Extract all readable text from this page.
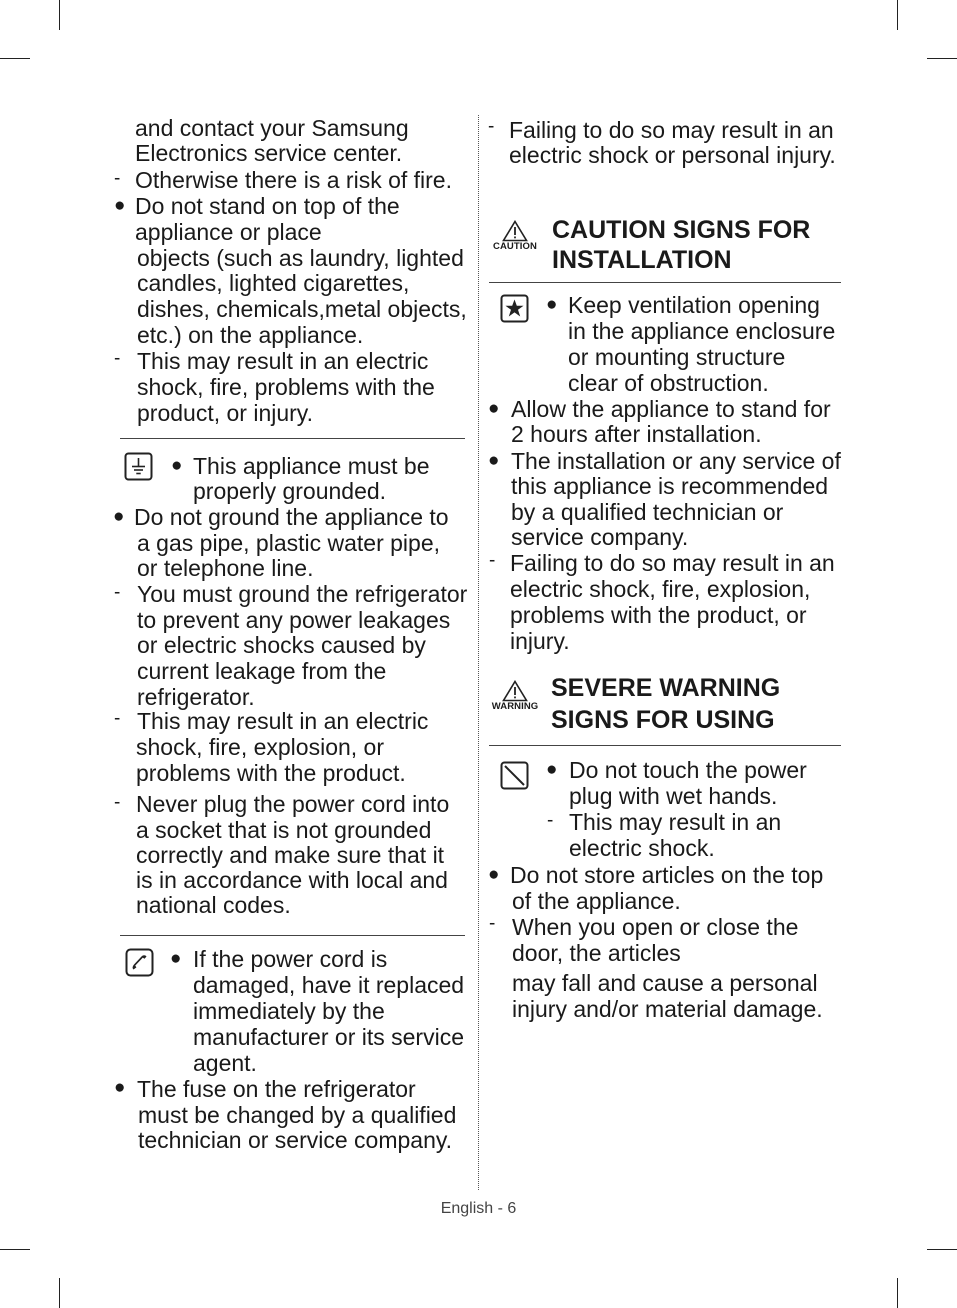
and contact your Samsung

Electronics service center.

- Otherwise there is a risk of fire.

● Do not stand on top of the

appliance or place

objects (such as laundry, lighted

candles, lighted cigarettes,

dishes, chemicals,metal objects,

etc.) on the appliance.

- This may result in an electric

shock, fire, problems with the

product, or injury.

● This appliance must be

properly grounded.

● Do not ground the appliance to

a gas pipe, plastic water pipe,

or telephone line.

- You must ground the refrigerator

to prevent any power leakages

or electric shocks caused by

current leakage from the

refrigerator.

- This may result in an electric

shock, fire, explosion, or

problems with the product.

- Never plug the power cord into

a socket that is not grounded

correctly and make sure that it

is in accordance with local and

national codes.

● If the power cord is

damaged, have it replaced

immediately by the

manufacturer or its service

agent.

● The fuse on the refrigerator

must be changed by a qualified

technician or service company.

- Failing to do so may result in an

electric shock or personal injury.

CAUTION

CAUTION SIGNS FOR

INSTALLATION

● Keep ventilation opening

in the appliance enclosure

or mounting structure

clear of obstruction.

● Allow the appliance to stand for

2 hours after installation.

● The installation or any service of

this appliance is recommended

by a qualified technician or

service company.

- Failing to do so may result in an

electric shock, fire, explosion,

problems with the product, or

injury.

WARNING

SEVERE WARNING

SIGNS FOR USING

● Do not touch the power

plug with wet hands.

- This may result in an

electric shock.

● Do not store articles on the top

of the appliance.

- When you open or close the

door, the articles

may fall and cause a personal

injury and/or material damage.

English - 6
